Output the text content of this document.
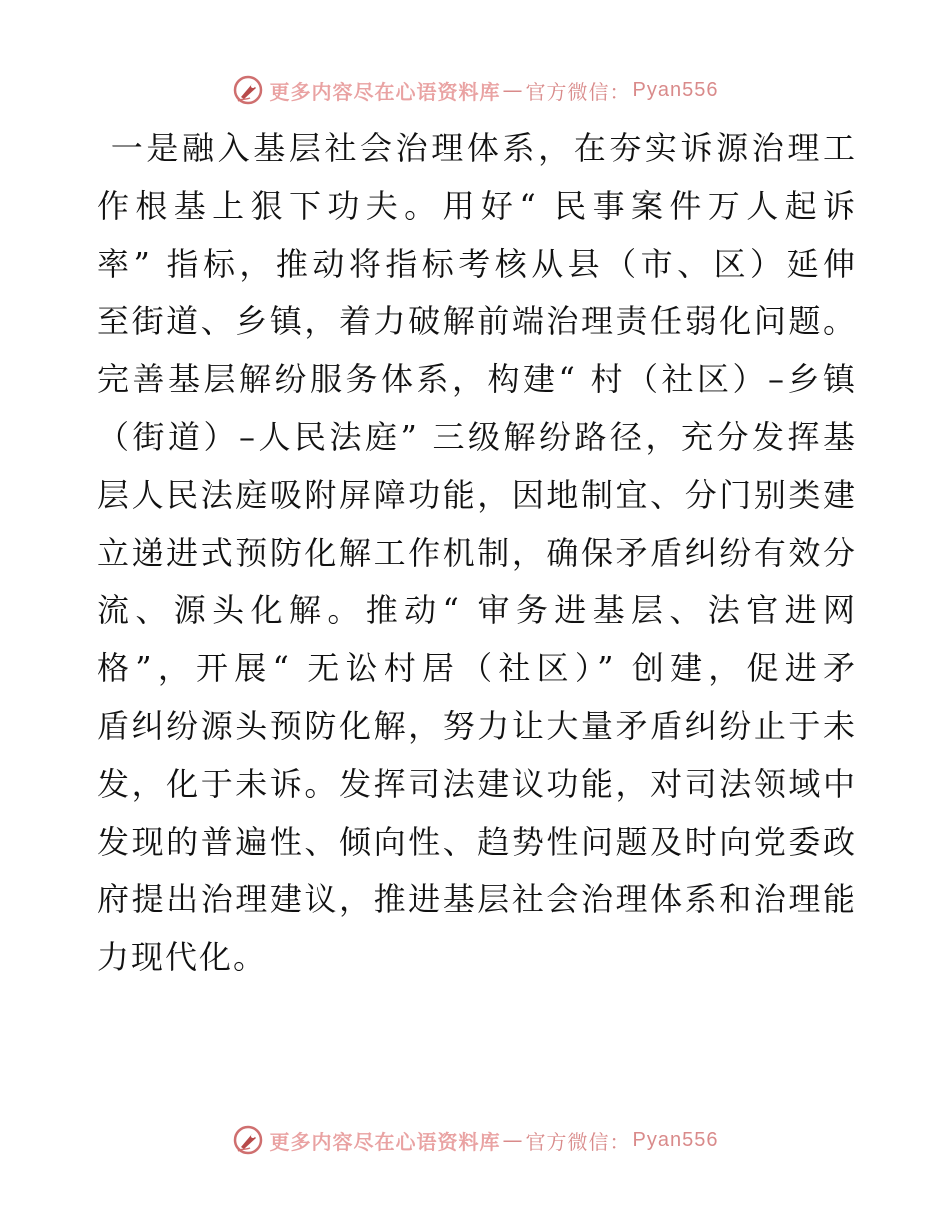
更多内容尽在心语资料库 — 官方微信： Pyan556
一是融入基层社会治理体系，在夯实诉源治理工
作根基上狠下功夫。用好“ 民事案件万人起诉
率” 指标，推动将指标考核从县（市、区）延伸
至街道、乡镇，着力破解前端治理责任弱化问题。
完善基层解纷服务体系，构建“ 村（社区）–乡镇
（街道）–人民法庭” 三级解纷路径，充分发挥基
层人民法庭吸附屏障功能，因地制宜、分门别类建
立递进式预防化解工作机制，确保矛盾纠纷有效分
流、源头化解。推动“ 审务进基层、法官进网
格”，开展“ 无讼村居（社区）” 创建，促进矛
盾纠纷源头预防化解，努力让大量矛盾纠纷止于未
发，化于未诉。发挥司法建议功能，对司法领域中
发现的普遍性、倾向性、趋势性问题及时向党委政
府提出治理建议，推进基层社会治理体系和治理能
力现代化。
更多内容尽在心语资料库 — 官方微信： Pyan556
